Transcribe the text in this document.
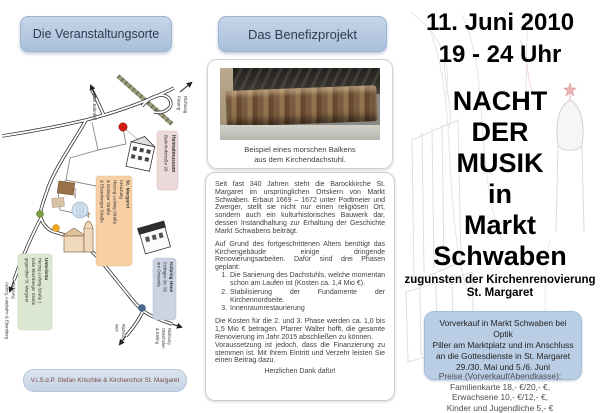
Die Veranstaltungsorte
Heimatmuseum
Bahnhofstraße 28
St. Margaret
Kreuzung
Herzog-Ludwig-Straße
& Erdinger Straße
& Ebersberger Straße
Unterbräu
Herzog-Ludwig-Straße 1
Ecke Ebersberger Straße
gegenüber St. Margaret	Kolping Haus
Erdinger Str. 50
am Ortsende
zum Bahnhof	Richtung
Finsing
Richtung
Anzing, Autobahn & Ebersberg	Richtung
Ottenhofen
& Erding
Richtung
Isen
Anger
V.i.S.d.P. Stefan Krischke & Kirchenchor St. Margaret
Das Benefizprojekt
Beispiel eines morschen Balkens
aus dem Kirchendachstuhl.

Seit fast 340 Jahren steht die Barockkirche St. Margaret im ursprünglichen Ortskern von Markt Schwaben. Erbaut 1669 – 1672 unter Podtmeier und Zwerger, stellt sie nicht nur einen religiösen Ort, sondern auch ein kulturhistorisches Bauwerk dar, dessen Instandhaltung zur Erhaltung der Geschichte Markt Schwabens beiträgt.

Auf Grund des fortgeschrittenen Alters benötigt das Kirchengebäude einige dringende Renovierungsarbeiten. Dafür sind drei Phasen geplant:

1. Die Sanierung des Dachstuhls, welche momentan schon am Laufen ist (Kosten ca. 1,4 Mio €).
2. Stabilisierung der Fundamente der Kirchennordseite.
3. Innenraumrestaurierung

Die Kosten für die 2. und 3. Phase werden ca. 1,0 bis 1,5 Mio € betragen. Pfarrer Walter hofft, die gesamte Renovierung im Jahr 2015 abschließen zu können.

Voraussetzung ist jedoch, dass die Finanzierung zu stemmen ist. Mit Ihrem Eintritt und Verzehr leisten Sie einen Beitrag dazu.

Herzlichen Dank dafür!
11. Juni 2010
19 - 24 Uhr
NACHT
DER
MUSIK
in
Markt
Schwaben
zugunsten der Kirchenrenovierung
St. Margaret
Vorverkauf in Markt Schwaben bei Optik
Piller am Marktplatz und im Anschluss
an die Gottesdienste in St. Margaret
29./30. Mai und 5./6. Juni
Preise (Vorverkauf/Abendkasse):
Familienkarte 18,- €/20,- €,
Erwachsene 10,- €/12,- €,
Kinder und Jugendliche 5,- €
